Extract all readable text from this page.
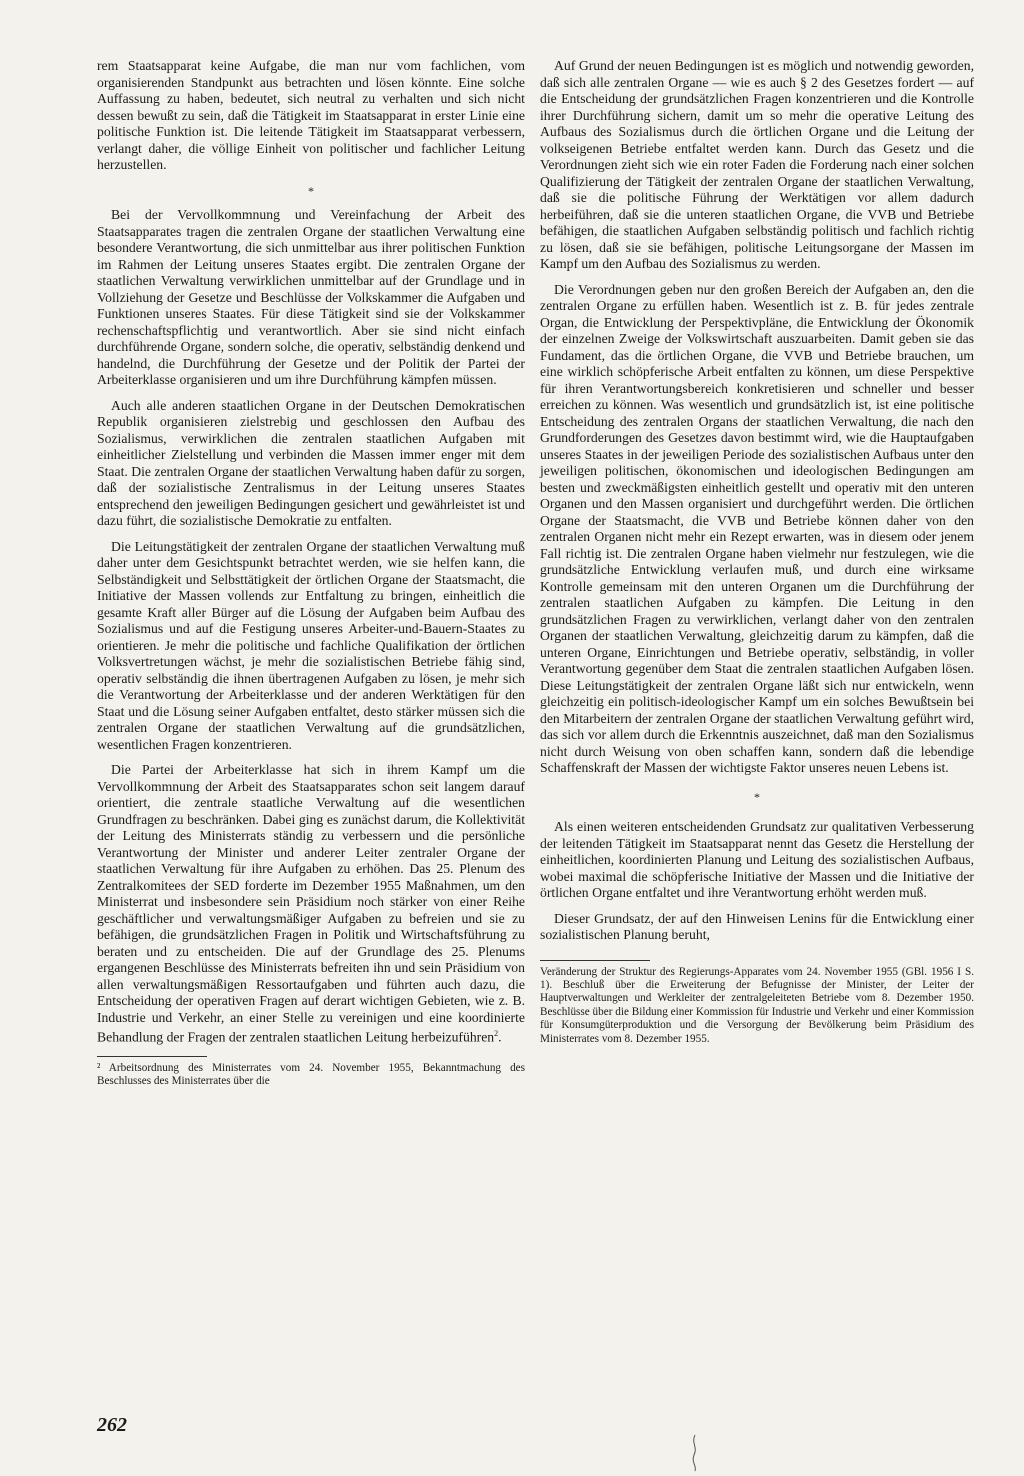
rem Staatsapparat keine Aufgabe, die man nur vom fachlichen, vom organisierenden Standpunkt aus betrachten und lösen könnte. Eine solche Auffassung zu haben, bedeutet, sich neutral zu verhalten und sich nicht dessen bewußt zu sein, daß die Tätigkeit im Staatsapparat in erster Linie eine politische Funktion ist. Die leitende Tätigkeit im Staatsapparat verbessern, verlangt daher, die völlige Einheit von politischer und fachlicher Leitung herzustellen.

*

Bei der Vervollkommnung und Vereinfachung der Arbeit des Staatsapparates tragen die zentralen Organe der staatlichen Verwaltung eine besondere Verantwortung, die sich unmittelbar aus ihrer politischen Funktion im Rahmen der Leitung unseres Staates ergibt. Die zentralen Organe der staatlichen Verwaltung verwirklichen unmittelbar auf der Grundlage und in Vollziehung der Gesetze und Beschlüsse der Volkskammer die Aufgaben und Funktionen unseres Staates. Für diese Tätigkeit sind sie der Volkskammer rechenschaftspflichtig und verantwortlich. Aber sie sind nicht einfach durchführende Organe, sondern solche, die operativ, selbständig denkend und handelnd, die Durchführung der Gesetze und der Politik der Partei der Arbeiterklasse organisieren und um ihre Durchführung kämpfen müssen.

Auch alle anderen staatlichen Organe in der Deutschen Demokratischen Republik organisieren zielstrebig und geschlossen den Aufbau des Sozialismus, verwirklichen die zentralen staatlichen Aufgaben mit einheitlicher Zielstellung und verbinden die Massen immer enger mit dem Staat. Die zentralen Organe der staatlichen Verwaltung haben dafür zu sorgen, daß der sozialistische Zentralismus in der Leitung unseres Staates entsprechend den jeweiligen Bedingungen gesichert und gewährleistet ist und dazu führt, die sozialistische Demokratie zu entfalten.

Die Leitungstätigkeit der zentralen Organe der staatlichen Verwaltung muß daher unter dem Gesichtspunkt betrachtet werden, wie sie helfen kann, die Selbständigkeit und Selbsttätigkeit der örtlichen Organe der Staatsmacht, die Initiative der Massen vollends zur Entfaltung zu bringen, einheitlich die gesamte Kraft aller Bürger auf die Lösung der Aufgaben beim Aufbau des Sozialismus und auf die Festigung unseres Arbeiter-und-Bauern-Staates zu orientieren. Je mehr die politische und fachliche Qualifikation der örtlichen Volksvertretungen wächst, je mehr die sozialistischen Betriebe fähig sind, operativ selbständig die ihnen übertragenen Aufgaben zu lösen, je mehr sich die Verantwortung der Arbeiterklasse und der anderen Werktätigen für den Staat und die Lösung seiner Aufgaben entfaltet, desto stärker müssen sich die zentralen Organe der staatlichen Verwaltung auf die grundsätzlichen, wesentlichen Fragen konzentrieren.

Die Partei der Arbeiterklasse hat sich in ihrem Kampf um die Vervollkommnung der Arbeit des Staatsapparates schon seit langem darauf orientiert, die zentrale staatliche Verwaltung auf die wesentlichen Grundfragen zu beschränken. Dabei ging es zunächst darum, die Kollektivität der Leitung des Ministerrats ständig zu verbessern und die persönliche Verantwortung der Minister und anderer Leiter zentraler Organe der staatlichen Verwaltung für ihre Aufgaben zu erhöhen. Das 25. Plenum des Zentralkomitees der SED forderte im Dezember 1955 Maßnahmen, um den Ministerrat und insbesondere sein Präsidium noch stärker von einer Reihe geschäftlicher und verwaltungsmäßiger Aufgaben zu befreien und sie zu befähigen, die grundsätzlichen Fragen in Politik und Wirtschaftsführung zu beraten und zu entscheiden. Die auf der Grundlage des 25. Plenums ergangenen Beschlüsse des Ministerrats befreiten ihn und sein Präsidium von allen verwaltungsmäßigen Ressortaufgaben und führten auch dazu, die Entscheidung der operativen Fragen auf derart wichtigen Gebieten, wie z. B. Industrie und Verkehr, an einer Stelle zu vereinigen und eine koordinierte Behandlung der Fragen der zentralen staatlichen Leitung herbeizuführen$^2$.

² Arbeitsordnung des Ministerrates vom 24. November 1955, Bekanntmachung des Beschlusses des Ministerrates über die

Auf Grund der neuen Bedingungen ist es möglich und notwendig geworden, daß sich alle zentralen Organe — wie es auch § 2 des Gesetzes fordert — auf die Entscheidung der grundsätzlichen Fragen konzentrieren und die Kontrolle ihrer Durchführung sichern, damit um so mehr die operative Leitung des Aufbaus des Sozialismus durch die örtlichen Organe und die Leitung der volkseigenen Betriebe entfaltet werden kann. Durch das Gesetz und die Verordnungen zieht sich wie ein roter Faden die Forderung nach einer solchen Qualifizierung der Tätigkeit der zentralen Organe der staatlichen Verwaltung, daß sie die politische Führung der Werktätigen vor allem dadurch herbeiführen, daß sie die unteren staatlichen Organe, die VVB und Betriebe befähigen, die staatlichen Aufgaben selbständig politisch und fachlich richtig zu lösen, daß sie sie befähigen, politische Leitungsorgane der Massen im Kampf um den Aufbau des Sozialismus zu werden.

Die Verordnungen geben nur den großen Bereich der Aufgaben an, den die zentralen Organe zu erfüllen haben. Wesentlich ist z. B. für jedes zentrale Organ, die Entwicklung der Perspektivpläne, die Entwicklung der Ökonomik der einzelnen Zweige der Volkswirtschaft auszuarbeiten. Damit geben sie das Fundament, das die örtlichen Organe, die VVB und Betriebe brauchen, um eine wirklich schöpferische Arbeit entfalten zu können, um diese Perspektive für ihren Verantwortungsbereich konkretisieren und schneller und besser erreichen zu können. Was wesentlich und grundsätzlich ist, ist eine politische Entscheidung des zentralen Organs der staatlichen Verwaltung, die nach den Grundforderungen des Gesetzes davon bestimmt wird, wie die Hauptaufgaben unseres Staates in der jeweiligen Periode des sozialistischen Aufbaus unter den jeweiligen politischen, ökonomischen und ideologischen Bedingungen am besten und zweckmäßigsten einheitlich gestellt und operativ mit den unteren Organen und den Massen organisiert und durchgeführt werden. Die örtlichen Organe der Staatsmacht, die VVB und Betriebe können daher von den zentralen Organen nicht mehr ein Rezept erwarten, was in diesem oder jenem Fall richtig ist. Die zentralen Organe haben vielmehr nur festzulegen, wie die grundsätzliche Entwicklung verlaufen muß, und durch eine wirksame Kontrolle gemeinsam mit den unteren Organen um die Durchführung der zentralen staatlichen Aufgaben zu kämpfen. Die Leitung in den grundsätzlichen Fragen zu verwirklichen, verlangt daher von den zentralen Organen der staatlichen Verwaltung, gleichzeitig darum zu kämpfen, daß die unteren Organe, Einrichtungen und Betriebe operativ, selbständig, in voller Verantwortung gegenüber dem Staat die zentralen staatlichen Aufgaben lösen. Diese Leitungstätigkeit der zentralen Organe läßt sich nur entwickeln, wenn gleichzeitig ein politisch-ideologischer Kampf um ein solches Bewußtsein bei den Mitarbeitern der zentralen Organe der staatlichen Verwaltung geführt wird, das sich vor allem durch die Erkenntnis auszeichnet, daß man den Sozialismus nicht durch Weisung von oben schaffen kann, sondern daß die lebendige Schaffenskraft der Massen der wichtigste Faktor unseres neuen Lebens ist.

*

Als einen weiteren entscheidenden Grundsatz zur qualitativen Verbesserung der leitenden Tätigkeit im Staatsapparat nennt das Gesetz die Herstellung der einheitlichen, koordinierten Planung und Leitung des sozialistischen Aufbaus, wobei maximal die schöpferische Initiative der Massen und die Initiative der örtlichen Organe entfaltet und ihre Verantwortung erhöht werden muß.

Dieser Grundsatz, der auf den Hinweisen Lenins für die Entwicklung einer sozialistischen Planung beruht,

Veränderung der Struktur des Regierungs-Apparates vom 24. November 1955 (GBl. 1956 I S. 1). Beschluß über die Erweiterung der Befugnisse der Minister, der Leiter der Hauptverwaltungen und Werkleiter der zentralgeleiteten Betriebe vom 8. Dezember 1950. Beschlüsse über die Bildung einer Kommission für Industrie und Verkehr und einer Kommission für Konsumgüterproduktion und die Versorgung der Bevölkerung beim Präsidium des Ministerrates vom 8. Dezember 1955.

262
